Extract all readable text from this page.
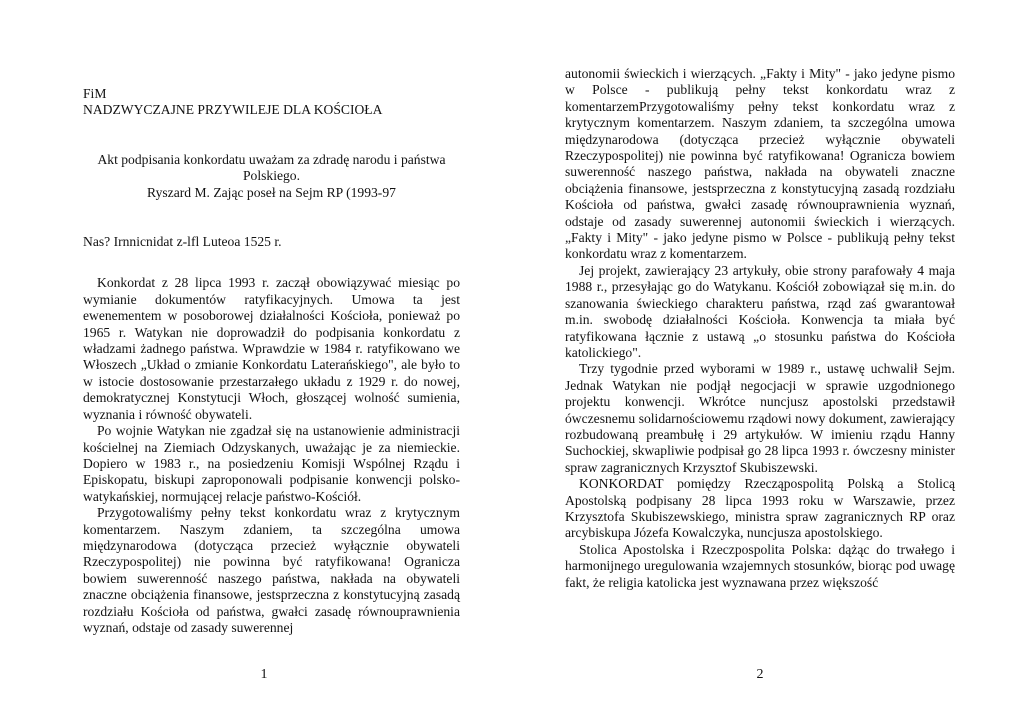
FiM

NADZWYCZAJNE PRZYWILEJE DLA KOŚCIOŁA

Akt podpisania konkordatu uważam za zdradę narodu i państwa Polskiego.

Ryszard M. Zając poseł na Sejm RP (1993-97

Nas? Irnnicnidat z-lfl Luteoa 1525 r.

Konkordat z 28 lipca 1993 r. zaczął obowiązywać miesiąc po wymianie dokumentów ratyfikacyjnych. Umowa ta jest ewenementem w posoborowej działalności Kościoła, ponieważ po 1965 r. Watykan nie doprowadził do podpisania konkordatu z władzami żadnego państwa. Wprawdzie w 1984 r. ratyfikowano we Włoszech „Układ o zmianie Konkordatu Laterańskiego", ale było to w istocie dostosowanie przestarzałego układu z 1929 r. do nowej, demokratycznej Konstytucji Włoch, głoszącej wolność sumienia, wyznania i równość obywateli.

Po wojnie Watykan nie zgadzał się na ustanowienie administracji kościelnej na Ziemiach Odzyskanych, uważając je za niemieckie. Dopiero w 1983 r., na posiedzeniu Komisji Wspólnej Rządu i Episkopatu, biskupi zaproponowali podpisanie konwencji polsko-watykańskiej, normującej relacje państwo-Kościół.

Przygotowaliśmy pełny tekst konkordatu wraz z krytycznym komentarzem. Naszym zdaniem, ta szczególna umowa międzynarodowa (dotycząca przecież wyłącznie obywateli Rzeczypospolitej) nie powinna być ratyfikowana! Ogranicza bowiem suwerenność naszego państwa, nakłada na obywateli znaczne obciążenia finansowe, jestsprzeczna z konstytucyjną zasadą rozdziału Kościoła od państwa, gwałci zasadę równouprawnienia wyznań, odstaje od zasady suwerennej

1

autonomii świeckich i wierzących. „Fakty i Mity" - jako jedyne pismo w Polsce - publikują pełny tekst konkordatu wraz z komentarzemPrzygotowaliśmy pełny tekst konkordatu wraz z krytycznym komentarzem. Naszym zdaniem, ta szczególna umowa międzynarodowa (dotycząca przecież wyłącznie obywateli Rzeczypospolitej) nie powinna być ratyfikowana! Ogranicza bowiem suwerenność naszego państwa, nakłada na obywateli znaczne obciążenia finansowe, jestsprzeczna z konstytucyjną zasadą rozdziału Kościoła od państwa, gwałci zasadę równouprawnienia wyznań, odstaje od zasady suwerennej autonomii świeckich i wierzących. „Fakty i Mity" - jako jedyne pismo w Polsce - publikują pełny tekst konkordatu wraz z komentarzem.

Jej projekt, zawierający 23 artykuły, obie strony parafowały 4 maja 1988 r., przesyłając go do Watykanu. Kościół zobowiązał się m.in. do szanowania świeckiego charakteru państwa, rząd zaś gwarantował m.in. swobodę działalności Kościoła. Konwencja ta miała być ratyfikowana łącznie z ustawą „o stosunku państwa do Kościoła katolickiego".

Trzy tygodnie przed wyborami w 1989 r., ustawę uchwalił Sejm. Jednak Watykan nie podjął negocjacji w sprawie uzgodnionego projektu konwencji. Wkrótce nuncjusz apostolski przedstawił ówczesnemu solidarnościowemu rządowi nowy dokument, zawierający rozbudowaną preambułę i 29 artykułów. W imieniu rządu Hanny Suchockiej, skwapliwie podpisał go 28 lipca 1993 r. ówczesny minister spraw zagranicznych Krzysztof Skubiszewski.

KONKORDAT pomiędzy Rzecząpospolitą Polską a Stolicą Apostolską podpisany 28 lipca 1993 roku w Warszawie, przez Krzysztofa Skubiszewskiego, ministra spraw zagranicznych RP oraz arcybiskupa Józefa Kowalczyka, nuncjusza apostolskiego.

Stolica Apostolska i Rzeczpospolita Polska: dążąc do trwałego i harmonijnego uregulowania wzajemnych stosunków, biorąc pod uwagę fakt, że religia katolicka jest wyznawana przez większość

2
